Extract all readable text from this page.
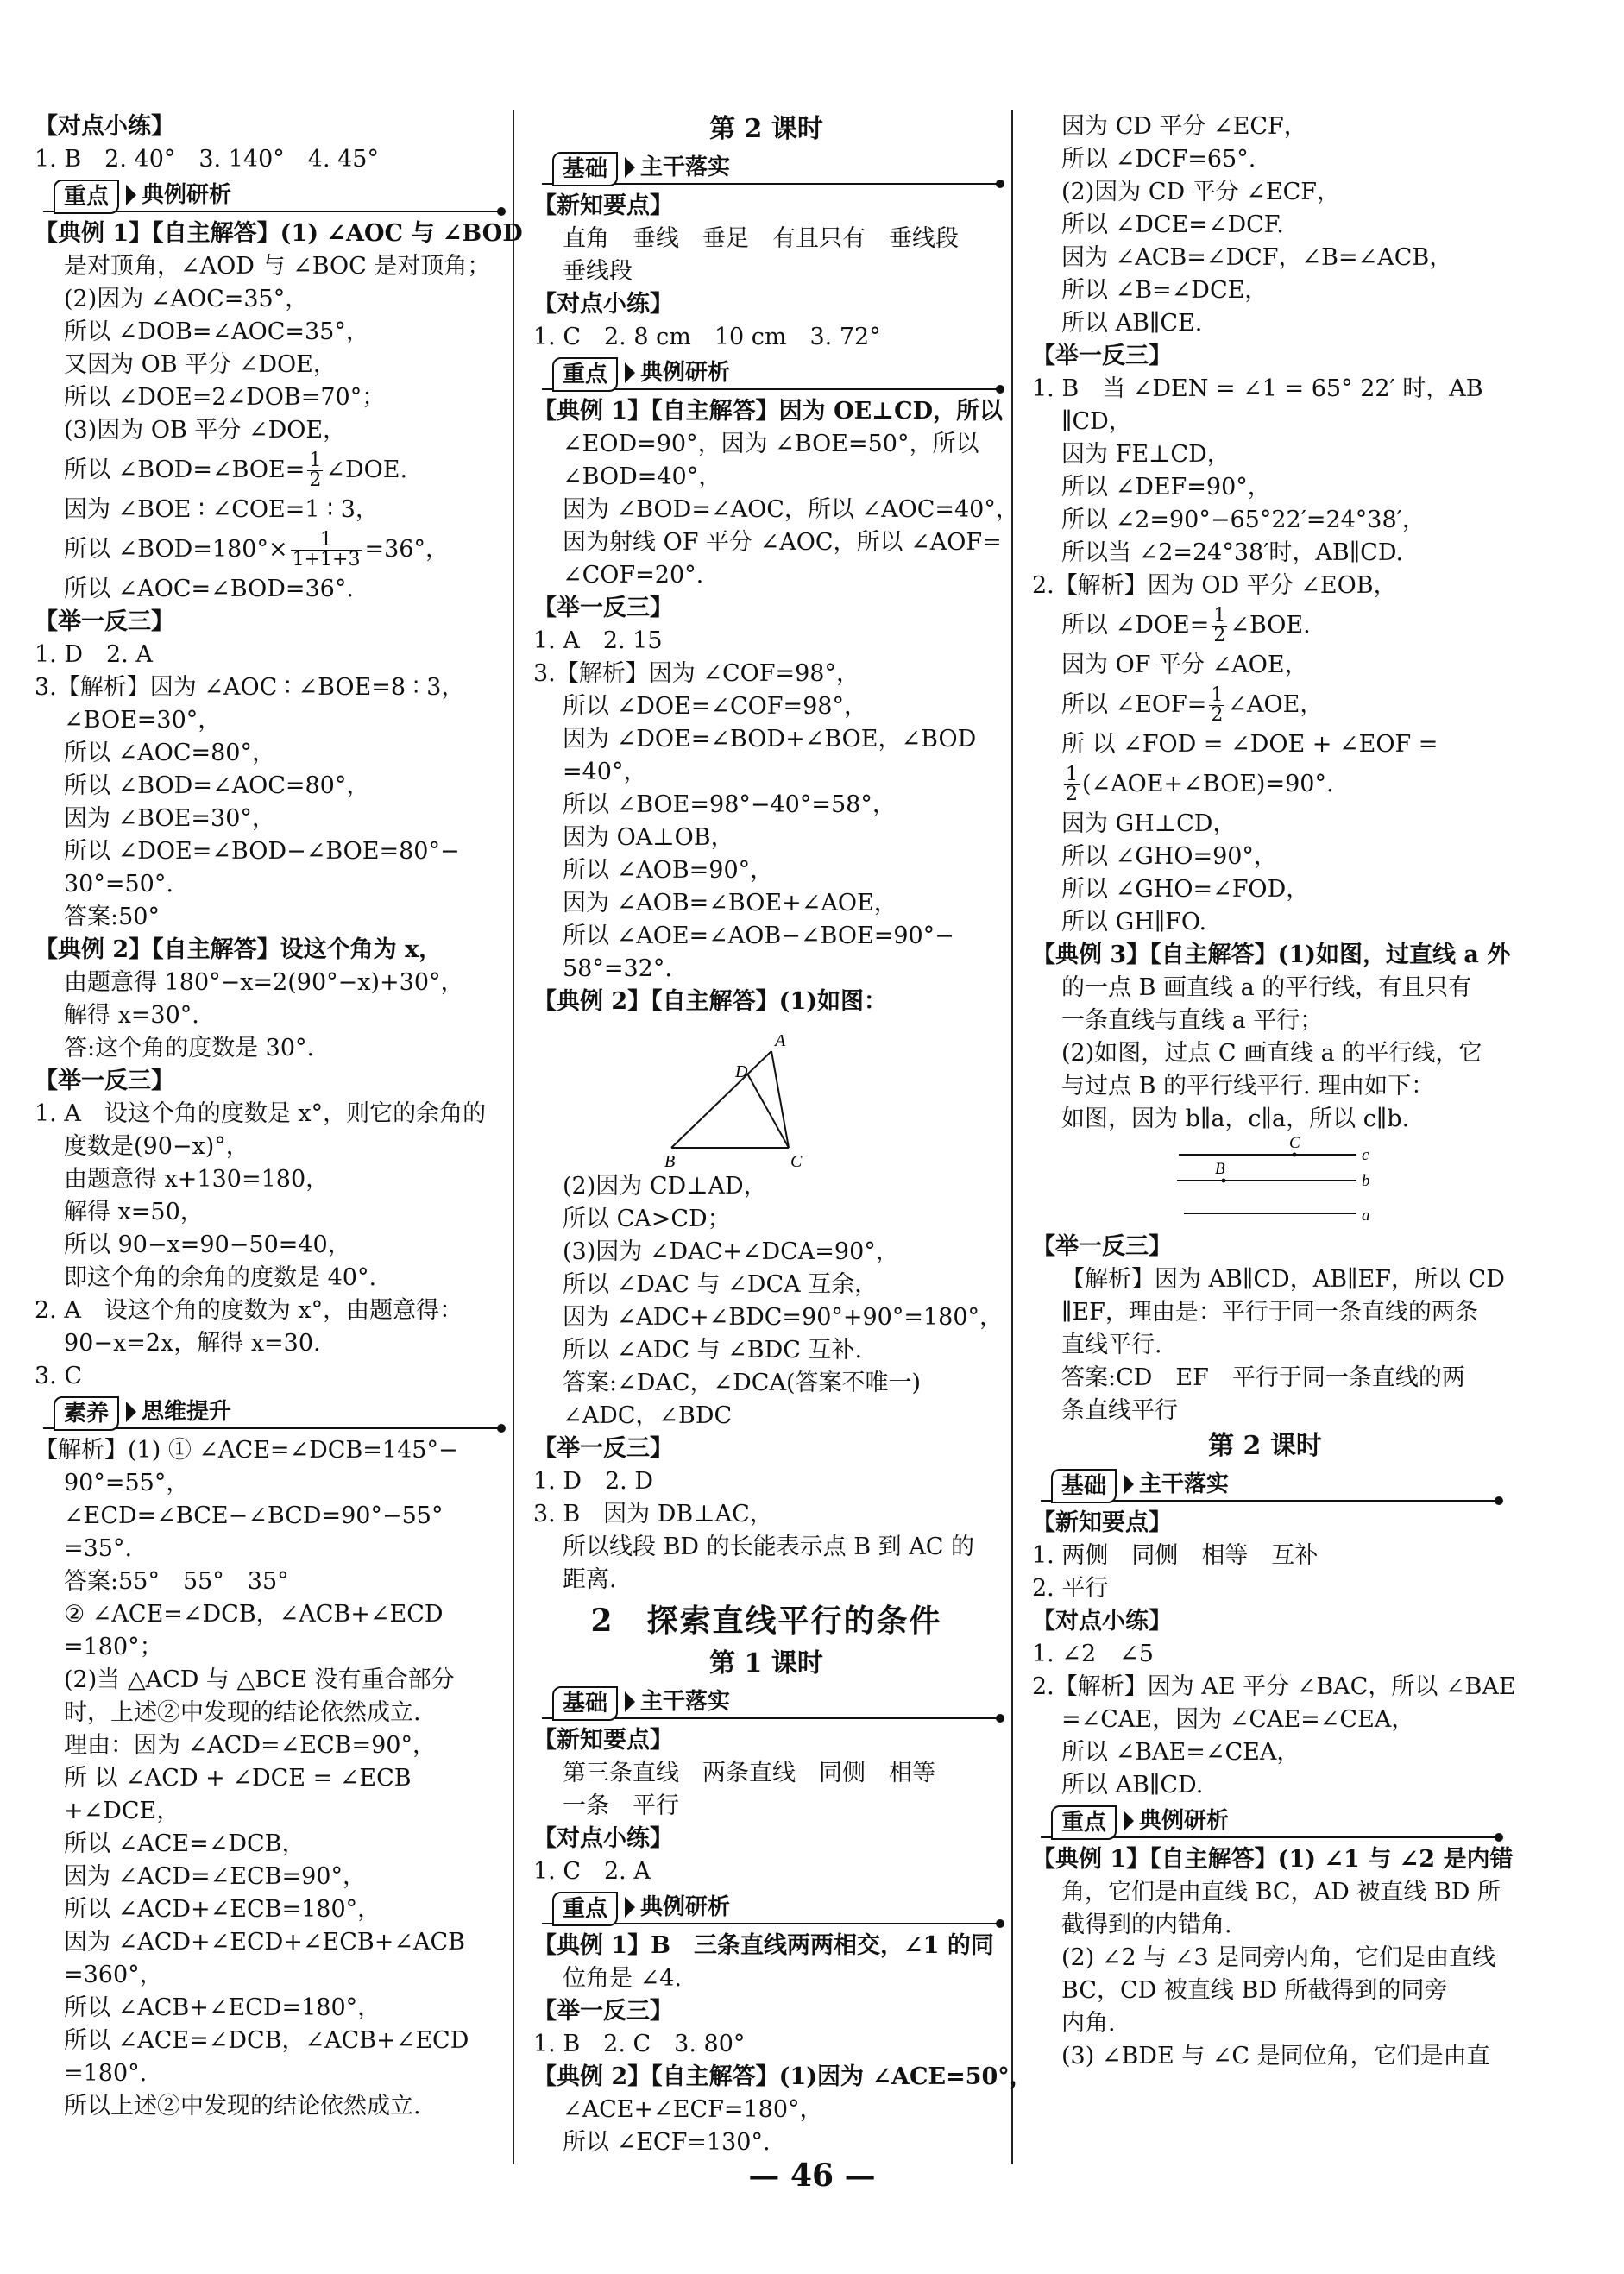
【对点小练】
1. B　2. 40°　3. 140°　4. 45°
重点	典例研析
【典例 1】【自主解答】(1) ∠AOC 与 ∠BOD
是对顶角，∠AOD 与 ∠BOC 是对顶角；
(2)因为 ∠AOC=35°，
所以 ∠DOB=∠AOC=35°，
又因为 OB 平分 ∠DOE，
所以 ∠DOE=2∠DOB=70°；
(3)因为 OB 平分 ∠DOE，
所以 ∠BOD=∠BOE= $\frac{1}{2}$ ∠DOE.
因为 ∠BOE ∶ ∠COE=1 ∶ 3，
所以 ∠BOD=180°× $\frac{1}{1+1+3} =36^\circ$，
所以 ∠AOC=∠BOD=36°.
【举一反三】
1. D　2. A
3.【解析】因为 ∠AOC ∶ ∠BOE=8 ∶ 3，
∠BOE=30°，
所以 ∠AOC=80°，
所以 ∠BOD=∠AOC=80°，
因为 ∠BOE=30°，
所以 ∠DOE=∠BOD−∠BOE=80°−
30°=50°.
答案:50°
【典例 2】【自主解答】设这个角为 x，
由题意得 180°−x=2(90°−x)+30°，
解得 x=30°.
答:这个角的度数是 30°.
【举一反三】
1. A　设这个角的度数是 x°，则它的余角的
度数是(90−x)°，
由题意得 x+130=180，
解得 x=50，
所以 90−x=90−50=40，
即这个角的余角的度数是 40°.
2. A　设这个角的度数为 x°，由题意得：
90−x=2x，解得 x=30.
3. C
素养	思维提升
【解析】(1) ① ∠ACE=∠DCB=145°−
90°=55°，
∠ECD=∠BCE−∠BCD=90°−55°
=35°.
答案:55°　55°　35°
② ∠ACE=∠DCB，∠ACB+∠ECD
=180°；
(2)当 △ACD 与 △BCE 没有重合部分
时，上述②中发现的结论依然成立.
理由：因为 ∠ACD=∠ECB=90°，
所 以 ∠ACD + ∠DCE = ∠ECB
+∠DCE，
所以 ∠ACE=∠DCB，
因为 ∠ACD=∠ECB=90°，
所以 ∠ACD+∠ECB=180°，
因为 ∠ACD+∠ECD+∠ECB+∠ACB
=360°，
所以 ∠ACB+∠ECD=180°，
所以 ∠ACE=∠DCB，∠ACB+∠ECD
=180°.
所以上述②中发现的结论依然成立.
第 2 课时
基础	主干落实
【新知要点】
直角　垂线　垂足　有且只有　垂线段
垂线段
【对点小练】
1. C　2. 8 cm　10 cm　3. 72°
重点	典例研析
【典例 1】【自主解答】因为 OE⊥CD，所以
∠EOD=90°，因为 ∠BOE=50°，所以
∠BOD=40°，
因为 ∠BOD=∠AOC，所以 ∠AOC=40°，
因为射线 OF 平分 ∠AOC，所以 ∠AOF=
∠COF=20°.
【举一反三】
1. A　2. 15
3.【解析】因为 ∠COF=98°，
所以 ∠DOE=∠COF=98°，
因为 ∠DOE=∠BOD+∠BOE，∠BOD
=40°，
所以 ∠BOE=98°−40°=58°，
因为 OA⊥OB，
所以 ∠AOB=90°，
因为 ∠AOB=∠BOE+∠AOE，
所以 ∠AOE=∠AOB−∠BOE=90°−
58°=32°.
【典例 2】【自主解答】(1)如图：
A
D
B	C
(2)因为 CD⊥AD，
所以 CA>CD；
(3)因为 ∠DAC+∠DCA=90°，
所以 ∠DAC 与 ∠DCA 互余，
因为 ∠ADC+∠BDC=90°+90°=180°，
所以 ∠ADC 与 ∠BDC 互补.
答案:∠DAC，∠DCA(答案不唯一)
∠ADC，∠BDC
【举一反三】
1. D　2. D
3. B　因为 DB⊥AC，
所以线段 BD 的长能表示点 B 到 AC 的
距离.
2　探索直线平行的条件
第 1 课时
基础	主干落实
【新知要点】
第三条直线　两条直线　同侧　相等
一条　平行
【对点小练】
1. C　2. A
重点	典例研析
【典例 1】B　三条直线两两相交，∠1 的同
位角是 ∠4.
【举一反三】
1. B　2. C　3. 80°
【典例 2】【自主解答】(1)因为 ∠ACE=50°，
∠ACE+∠ECF=180°，
所以 ∠ECF=130°.
因为 CD 平分 ∠ECF，
所以 ∠DCF=65°.
(2)因为 CD 平分 ∠ECF，
所以 ∠DCE=∠DCF.
因为 ∠ACB=∠DCF，∠B=∠ACB，
所以 ∠B=∠DCE，
所以 AB∥CE.
【举一反三】
1. B　当 ∠DEN = ∠1 = 65° 22′ 时，AB
∥CD，
因为 FE⊥CD，
所以 ∠DEF=90°，
所以 ∠2=90°−65°22′=24°38′，
所以当 ∠2=24°38′时，AB∥CD.
2.【解析】因为 OD 平分 ∠EOB，
所以 ∠DOE= $\frac{1}{2}$ ∠BOE.
因为 OF 平分 ∠AOE，
所以 ∠EOF= $\frac{1}{2}$ ∠AOE，
所 以 ∠FOD = ∠DOE + ∠EOF =
$\frac{1}{2}$ (∠AOE+∠BOE)=90°.
因为 GH⊥CD，
所以 ∠GHO=90°，
所以 ∠GHO=∠FOD，
所以 GH∥FO.
【典例 3】【自主解答】(1)如图，过直线 a 外
的一点 B 画直线 a 的平行线，有且只有
一条直线与直线 a 平行；
(2)如图，过点 C 画直线 a 的平行线，它
与过点 B 的平行线平行. 理由如下：
如图，因为 b∥a，c∥a，所以 c∥b.
C
B
c
b
a
【举一反三】
【解析】因为 AB∥CD，AB∥EF，所以 CD
∥EF，理由是：平行于同一条直线的两条
直线平行.
答案:CD　EF　平行于同一条直线的两
条直线平行
第 2 课时
基础	主干落实
【新知要点】
1. 两侧　同侧　相等　互补
2. 平行
【对点小练】
1. ∠2　∠5
2.【解析】因为 AE 平分 ∠BAC，所以 ∠BAE
=∠CAE，因为 ∠CAE=∠CEA，
所以 ∠BAE=∠CEA，
所以 AB∥CD.
重点	典例研析
【典例 1】【自主解答】(1) ∠1 与 ∠2 是内错
角，它们是由直线 BC，AD 被直线 BD 所
截得到的内错角.
(2) ∠2 与 ∠3 是同旁内角，它们是由直线
BC，CD 被直线 BD 所截得到的同旁
内角.
(3) ∠BDE 与 ∠C 是同位角，它们是由直
— 46 —
